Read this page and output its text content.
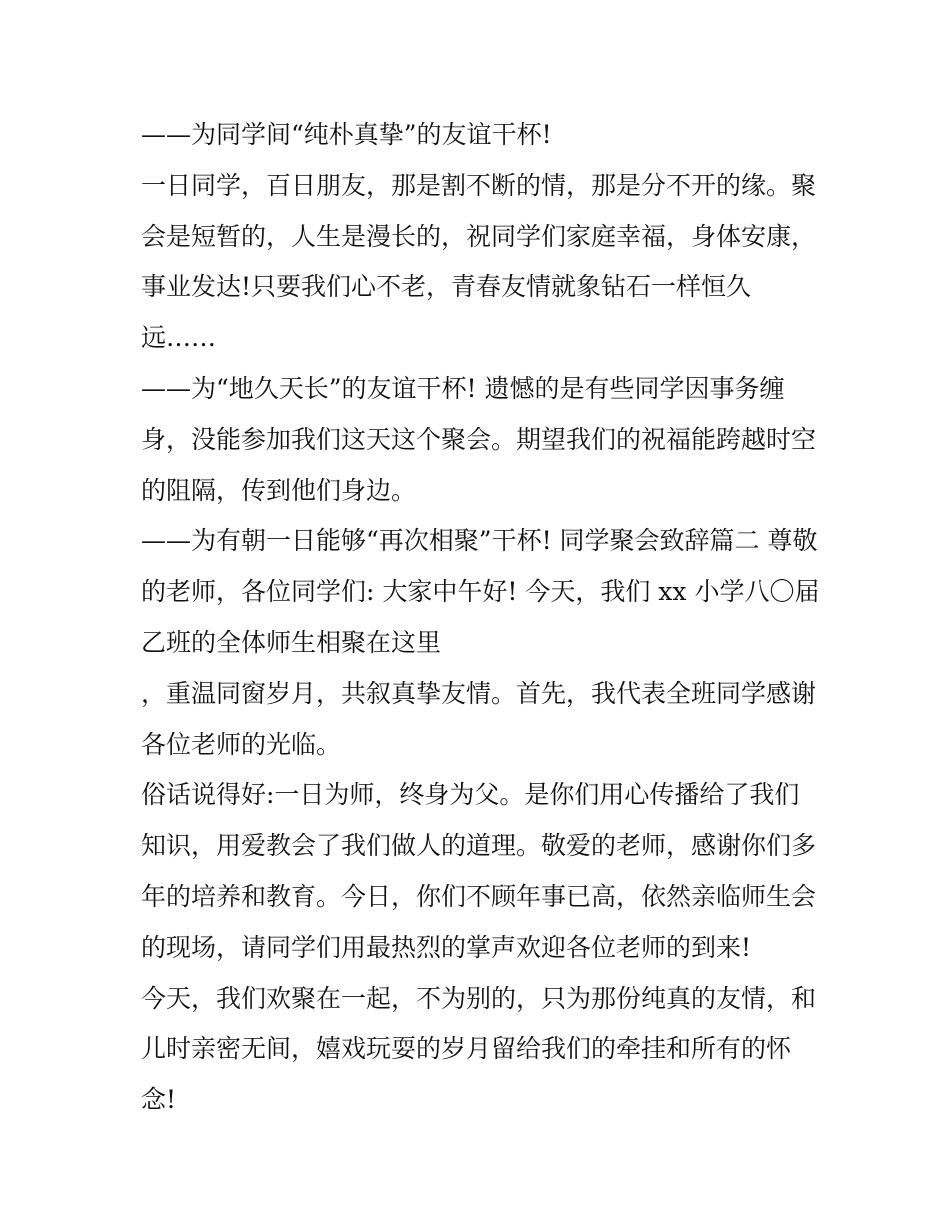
——为同学间“纯朴真挚”的友谊干杯!
一日同学，百日朋友，那是割不断的情，那是分不开的缘。聚
会是短暂的，人生是漫长的，祝同学们家庭幸福，身体安康，
事业发达!只要我们心不老，青春友情就象钻石一样恒久
远……
——为“地久天长”的友谊干杯! 遗憾的是有些同学因事务缠
身，没能参加我们这天这个聚会。期望我们的祝福能跨越时空
的阻隔，传到他们身边。
——为有朝一日能够“再次相聚”干杯! 同学聚会致辞篇二 尊敬
的老师，各位同学们: 大家中午好! 今天，我们 xx 小学八〇届
乙班的全体师生相聚在这里
，重温同窗岁月，共叙真挚友情。首先，我代表全班同学感谢
各位老师的光临。
俗话说得好:一日为师，终身为父。是你们用心传播给了我们
知识，用爱教会了我们做人的道理。敬爱的老师，感谢你们多
年的培养和教育。今日，你们不顾年事已高，依然亲临师生会
的现场，请同学们用最热烈的掌声欢迎各位老师的到来!
今天，我们欢聚在一起，不为别的，只为那份纯真的友情，和
儿时亲密无间，嬉戏玩耍的岁月留给我们的牵挂和所有的怀
念!
